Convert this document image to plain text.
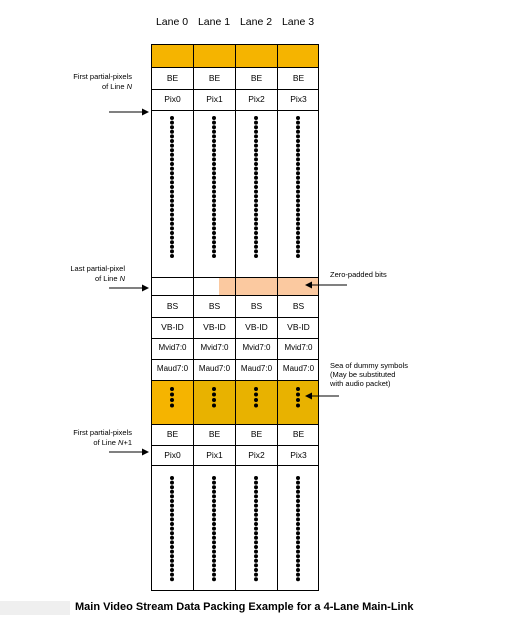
Lane 0 Lane 1 Lane 2 Lane 3
BE	BE	BE	BE
Pix0	Pix1	Pix2	Pix3
BS	BS	BS	BS
VB-ID	VB-ID	VB-ID	VB-ID
Mvid7:0	Mvid7:0	Mvid7:0	Mvid7:0
Maud7:0	Maud7:0	Maud7:0	Maud7:0
BE	BE	BE	BE
Pix0	Pix1	Pix2	Pix3
First partial-pixels
of Line N
Last partial-pixel
of Line N
First partial-pixels
of Line N+1
Zero-padded bits
Sea of dummy symbols
(May be substituted
with audio packet)
Main Video Stream Data Packing Example for a 4-Lane Main-Link
